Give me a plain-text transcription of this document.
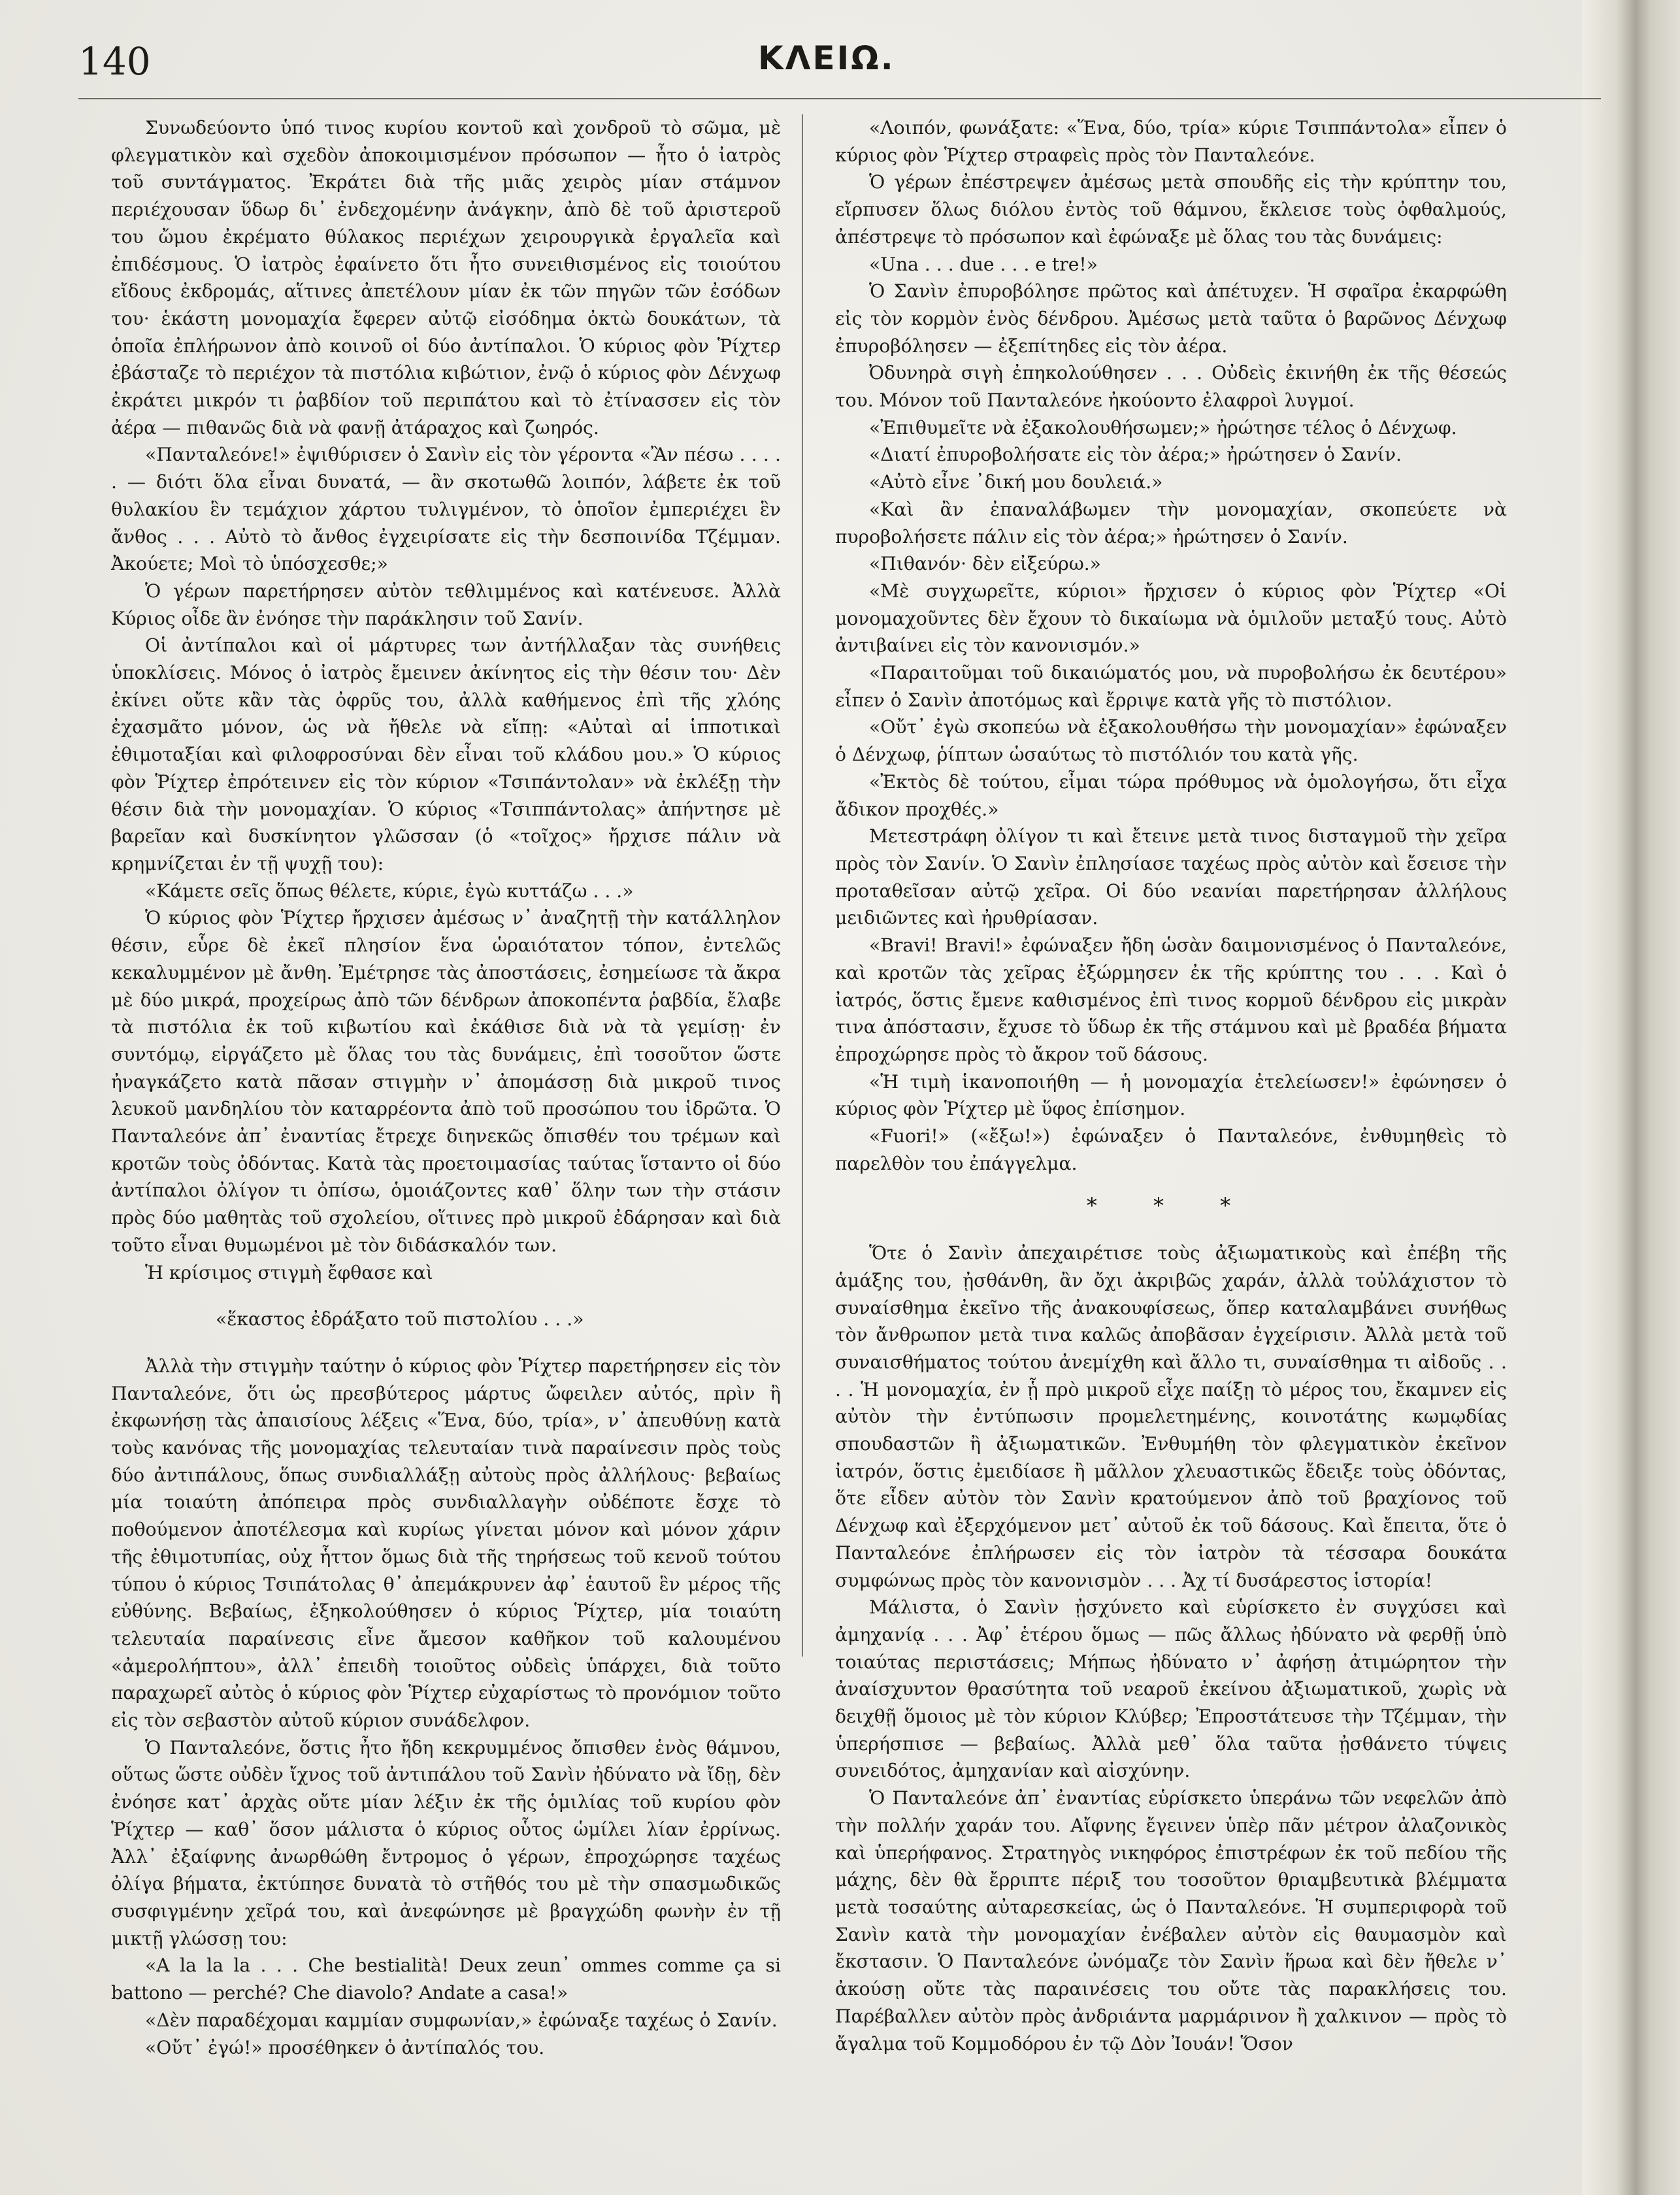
140	ΚΛΕΙΩ.

Συνωδεύοντο ὑπό τινος κυρίου κοντοῦ καὶ χονδροῦ τὸ σῶμα, μὲ φλεγματικὸν καὶ σχεδὸν ἀποκοιμισμένον πρόσωπον — ἦτο ὁ ἰατρὸς τοῦ συντάγματος. Ἐκράτει διὰ τῆς μιᾶς χειρὸς μίαν στάμνον περιέχουσαν ὕδωρ δι᾽ ἐνδεχομένην ἀνάγκην, ἀπὸ δὲ τοῦ ἀριστεροῦ του ὤμου ἐκρέματο θύλακος περιέχων χειρουργικὰ ἐργαλεῖα καὶ ἐπιδέσμους. Ὁ ἰατρὸς ἐφαίνετο ὅτι ἦτο συνειθισμένος εἰς τοιούτου εἴδους ἐκδρομάς, αἵτινες ἀπετέλουν μίαν ἐκ τῶν πηγῶν τῶν ἐσόδων του· ἑκάστη μονομαχία ἔφερεν αὐτῷ εἰσόδημα ὀκτὼ δουκάτων, τὰ ὁποῖα ἐπλήρωνον ἀπὸ κοινοῦ οἱ δύο ἀντίπαλοι. Ὁ κύριος φὸν Ῥίχτερ ἐβάσταζε τὸ περιέχον τὰ πιστόλια κιβώτιον, ἐνῷ ὁ κύριος φὸν Δένχωφ ἐκράτει μικρόν τι ῥαβδίον τοῦ περιπάτου καὶ τὸ ἐτίνασσεν εἰς τὸν ἀέρα — πιθανῶς διὰ νὰ φανῇ ἀτάραχος καὶ ζωηρός.

«Πανταλεόνε!» ἐψιθύρισεν ὁ Σανὶν εἰς τὸν γέροντα «Ἂν πέσω . . . . . — διότι ὅλα εἶναι δυνατά, — ἂν σκοτωθῶ λοιπόν, λάβετε ἐκ τοῦ θυλακίου ἓν τεμάχιον χάρτου τυλιγμένον, τὸ ὁποῖον ἐμπεριέχει ἓν ἄνθος . . . Αὐτὸ τὸ ἄνθος ἐγχειρίσατε εἰς τὴν δεσποινίδα Τζέμμαν. Ἀκούετε; Μοὶ τὸ ὑπόσχεσθε;»

Ὁ γέρων παρετήρησεν αὐτὸν τεθλιμμένος καὶ κατένευσε. Ἀλλὰ Κύριος οἶδε ἂν ἐνόησε τὴν παράκλησιν τοῦ Σανίν.

Οἱ ἀντίπαλοι καὶ οἱ μάρτυρες των ἀντήλλαξαν τὰς συνήθεις ὑποκλίσεις. Μόνος ὁ ἰατρὸς ἔμεινεν ἀκίνητος εἰς τὴν θέσιν του· Δὲν ἐκίνει οὔτε κἂν τὰς ὀφρῦς του, ἀλλὰ καθήμενος ἐπὶ τῆς χλόης ἐχασμᾶτο μόνον, ὡς νὰ ἤθελε νὰ εἴπῃ: «Αὐταὶ αἱ ἱπποτικαὶ ἐθιμοταξίαι καὶ φιλοφροσύναι δὲν εἶναι τοῦ κλάδου μου.» Ὁ κύριος φὸν Ῥίχτερ ἐπρότεινεν εἰς τὸν κύριον «Τσιπάντολαν» νὰ ἐκλέξῃ τὴν θέσιν διὰ τὴν μονομαχίαν. Ὁ κύριος «Τσιππάντολας» ἀπήντησε μὲ βαρεῖαν καὶ δυσκίνητον γλῶσσαν (ὁ «τοῖχος» ἤρχισε πάλιν νὰ κρημνίζεται ἐν τῇ ψυχῇ του):

«Κάμετε σεῖς ὅπως θέλετε, κύριε, ἐγὼ κυττάζω . . .»

Ὁ κύριος φὸν Ῥίχτερ ἤρχισεν ἀμέσως ν᾽ ἀναζητῇ τὴν κατάλληλον θέσιν, εὗρε δὲ ἐκεῖ πλησίον ἕνα ὡραιότατον τόπον, ἐντελῶς κεκαλυμμένον μὲ ἄνθη. Ἐμέτρησε τὰς ἀποστάσεις, ἐσημείωσε τὰ ἄκρα μὲ δύο μικρά, προχείρως ἀπὸ τῶν δένδρων ἀποκοπέντα ῥαβδία, ἔλαβε τὰ πιστόλια ἐκ τοῦ κιβωτίου καὶ ἐκάθισε διὰ νὰ τὰ γεμίσῃ· ἐν συντόμῳ, εἰργάζετο μὲ ὅλας του τὰς δυνάμεις, ἐπὶ τοσοῦτον ὥστε ἠναγκάζετο κατὰ πᾶσαν στιγμὴν ν᾽ ἀπομάσσῃ διὰ μικροῦ τινος λευκοῦ μανδηλίου τὸν καταρρέοντα ἀπὸ τοῦ προσώπου του ἱδρῶτα. Ὁ Πανταλεόνε ἀπ᾽ ἐναντίας ἔτρεχε διηνεκῶς ὄπισθέν του τρέμων καὶ κροτῶν τοὺς ὀδόντας. Κατὰ τὰς προετοιμασίας ταύτας ἵσταντο οἱ δύο ἀντίπαλοι ὀλίγον τι ὀπίσω, ὁμοιάζοντες καθ᾽ ὅλην των τὴν στάσιν πρὸς δύο μαθητὰς τοῦ σχολείου, οἵτινες πρὸ μικροῦ ἐδάρησαν καὶ διὰ τοῦτο εἶναι θυμωμένοι μὲ τὸν διδάσκαλόν των.

Ἡ κρίσιμος στιγμὴ ἔφθασε καὶ

«ἕκαστος ἐδράξατο τοῦ πιστολίου . . .»

Ἀλλὰ τὴν στιγμὴν ταύτην ὁ κύριος φὸν Ῥίχτερ παρετήρησεν εἰς τὸν Πανταλεόνε, ὅτι ὡς πρεσβύτερος μάρτυς ὤφειλεν αὐτός, πρὶν ἢ ἐκφωνήσῃ τὰς ἀπαισίους λέξεις «Ἕνα, δύο, τρία», ν᾽ ἀπευθύνῃ κατὰ τοὺς κανόνας τῆς μονομαχίας τελευταίαν τινὰ παραίνεσιν πρὸς τοὺς δύο ἀντιπάλους, ὅπως συνδιαλλάξῃ αὐτοὺς πρὸς ἀλλήλους· βεβαίως μία τοιαύτη ἀπόπειρα πρὸς συνδιαλλαγὴν οὐδέποτε ἔσχε τὸ ποθούμενον ἀποτέλεσμα καὶ κυρίως γίνεται μόνον καὶ μόνον χάριν τῆς ἐθιμοτυπίας, οὐχ ἧττον ὅμως διὰ τῆς τηρήσεως τοῦ κενοῦ τούτου τύπου ὁ κύριος Τσιπάτολας θ᾽ ἀπεμάκρυνεν ἀφ᾽ ἑαυτοῦ ἓν μέρος τῆς εὐθύνης. Βεβαίως, ἐξηκολούθησεν ὁ κύριος Ῥίχτερ, μία τοιαύτη τελευταία παραίνεσις εἶνε ἄμεσον καθῆκον τοῦ καλουμένου «ἀμερολήπτου», ἀλλ᾽ ἐπειδὴ τοιοῦτος οὐδεὶς ὑπάρχει, διὰ τοῦτο παραχωρεῖ αὐτὸς ὁ κύριος φὸν Ῥίχτερ εὐχαρίστως τὸ προνόμιον τοῦτο εἰς τὸν σεβαστὸν αὐτοῦ κύριον συνάδελφον.

Ὁ Πανταλεόνε, ὅστις ἦτο ἤδη κεκρυμμένος ὄπισθεν ἑνὸς θάμνου, οὕτως ὥστε οὐδὲν ἴχνος τοῦ ἀντιπάλου τοῦ Σανὶν ἠδύνατο νὰ ἴδῃ, δὲν ἐνόησε κατ᾽ ἀρχὰς οὔτε μίαν λέξιν ἐκ τῆς ὁμιλίας τοῦ κυρίου φὸν Ῥίχτερ — καθ᾽ ὅσον μάλιστα ὁ κύριος οὗτος ὡμίλει λίαν ἐρρίνως. Ἀλλ᾽ ἐξαίφνης ἀνωρθώθη ἔντρομος ὁ γέρων, ἐπροχώρησε ταχέως ὀλίγα βήματα, ἐκτύπησε δυνατὰ τὸ στῆθός του μὲ τὴν σπασμωδικῶς συσφιγμένην χεῖρά του, καὶ ἀνεφώνησε μὲ βραγχώδη φωνὴν ἐν τῇ μικτῇ γλώσσῃ του:

«A la la la . . . Che bestialità! Deux zeun᾽ ommes comme ça si battono — perché? Che diavolo? Andate a casa!»

«Δὲν παραδέχομαι καμμίαν συμφωνίαν,» ἐφώναξε ταχέως ὁ Σανίν.

«Οὔτ᾽ ἐγώ!» προσέθηκεν ὁ ἀντίπαλός του.

«Λοιπόν, φωνάξατε: «Ἕνα, δύο, τρία» κύριε Τσιππάντολα» εἶπεν ὁ κύριος φὸν Ῥίχτερ στραφεὶς πρὸς τὸν Πανταλεόνε.

Ὁ γέρων ἐπέστρεψεν ἀμέσως μετὰ σπουδῆς εἰς τὴν κρύπτην του, εἴρπυσεν ὅλως διόλου ἐντὸς τοῦ θάμνου, ἔκλεισε τοὺς ὀφθαλμούς, ἀπέστρεψε τὸ πρόσωπον καὶ ἐφώναξε μὲ ὅλας του τὰς δυνάμεις:

«Una . . . due . . . e tre!»

Ὁ Σανὶν ἐπυροβόλησε πρῶτος καὶ ἀπέτυχεν. Ἡ σφαῖρα ἐκαρφώθη εἰς τὸν κορμὸν ἑνὸς δένδρου. Ἀμέσως μετὰ ταῦτα ὁ βαρῶνος Δένχωφ ἐπυροβόλησεν — ἐξεπίτηδες εἰς τὸν ἀέρα.

Ὀδυνηρὰ σιγὴ ἐπηκολούθησεν . . . Οὐδεὶς ἐκινήθη ἐκ τῆς θέσεώς του. Μόνον τοῦ Πανταλεόνε ἠκούοντο ἐλαφροὶ λυγμοί.

«Ἐπιθυμεῖτε νὰ ἐξακολουθήσωμεν;» ἠρώτησε τέλος ὁ Δένχωφ.

«Διατί ἐπυροβολήσατε εἰς τὸν ἀέρα;» ἠρώτησεν ὁ Σανίν.

«Αὐτὸ εἶνε ᾽δική μου δουλειά.»

«Καὶ ἂν ἐπαναλάβωμεν τὴν μονομαχίαν, σκοπεύετε νὰ πυροβολήσετε πάλιν εἰς τὸν ἀέρα;» ἠρώτησεν ὁ Σανίν.

«Πιθανόν· δὲν εἰξεύρω.»

«Μὲ συγχωρεῖτε, κύριοι» ἤρχισεν ὁ κύριος φὸν Ῥίχτερ «Οἱ μονομαχοῦντες δὲν ἔχουν τὸ δικαίωμα νὰ ὁμιλοῦν μεταξύ τους. Αὐτὸ ἀντιβαίνει εἰς τὸν κανονισμόν.»

«Παραιτοῦμαι τοῦ δικαιώματός μου, νὰ πυροβολήσω ἐκ δευτέρου» εἶπεν ὁ Σανὶν ἀποτόμως καὶ ἔρριψε κατὰ γῆς τὸ πιστόλιον.

«Οὔτ᾽ ἐγὼ σκοπεύω νὰ ἐξακολουθήσω τὴν μονομαχίαν» ἐφώναξεν ὁ Δένχωφ, ῥίπτων ὡσαύτως τὸ πιστόλιόν του κατὰ γῆς.

«Ἐκτὸς δὲ τούτου, εἶμαι τώρα πρόθυμος νὰ ὁμολογήσω, ὅτι εἶχα ἄδικον προχθές.»

Μετεστράφη ὀλίγον τι καὶ ἔτεινε μετὰ τινος δισταγμοῦ τὴν χεῖρα πρὸς τὸν Σανίν. Ὁ Σανὶν ἐπλησίασε ταχέως πρὸς αὐτὸν καὶ ἔσεισε τὴν προταθεῖσαν αὐτῷ χεῖρα. Οἱ δύο νεανίαι παρετήρησαν ἀλλήλους μειδιῶντες καὶ ἠρυθρίασαν.

«Bravi! Bravi!» ἐφώναξεν ἤδη ὡσὰν δαιμονισμένος ὁ Πανταλεόνε, καὶ κροτῶν τὰς χεῖρας ἐξώρμησεν ἐκ τῆς κρύπτης του . . . Καὶ ὁ ἰατρός, ὅστις ἔμενε καθισμένος ἐπὶ τινος κορμοῦ δένδρου εἰς μικρὰν τινα ἀπόστασιν, ἔχυσε τὸ ὕδωρ ἐκ τῆς στάμνου καὶ μὲ βραδέα βήματα ἐπροχώρησε πρὸς τὸ ἄκρον τοῦ δάσους.

«Ἡ τιμὴ ἱκανοποιήθη — ἡ μονομαχία ἐτελείωσεν!» ἐφώνησεν ὁ κύριος φὸν Ῥίχτερ μὲ ὕφος ἐπίσημον.

«Fuori!» («ἔξω!») ἐφώναξεν ὁ Πανταλεόνε, ἐνθυμηθεὶς τὸ παρελθὸν του ἐπάγγελμα.

* * *

Ὅτε ὁ Σανὶν ἀπεχαιρέτισε τοὺς ἀξιωματικοὺς καὶ ἐπέβη τῆς ἁμάξης του, ᾐσθάνθη, ἂν ὄχι ἀκριβῶς χαράν, ἀλλὰ τοὐλάχιστον τὸ συναίσθημα ἐκεῖνο τῆς ἀνακουφίσεως, ὅπερ καταλαμβάνει συνήθως τὸν ἄνθρωπον μετὰ τινα καλῶς ἀποβᾶσαν ἐγχείρισιν. Ἀλλὰ μετὰ τοῦ συναισθήματος τούτου ἀνεμίχθη καὶ ἄλλο τι, συναίσθημα τι αἰδοῦς . . . . Ἡ μονομαχία, ἐν ᾗ πρὸ μικροῦ εἶχε παίξῃ τὸ μέρος του, ἔκαμνεν εἰς αὐτὸν τὴν ἐντύπωσιν προμελετημένης, κοινοτάτης κωμῳδίας σπουδαστῶν ἢ ἀξιωματικῶν. Ἐνθυμήθη τὸν φλεγματικὸν ἐκεῖνον ἰατρόν, ὅστις ἐμειδίασε ἢ μᾶλλον χλευαστικῶς ἔδειξε τοὺς ὀδόντας, ὅτε εἶδεν αὐτὸν τὸν Σανὶν κρατούμενον ἀπὸ τοῦ βραχίονος τοῦ Δένχωφ καὶ ἐξερχόμενον μετ᾽ αὐτοῦ ἐκ τοῦ δάσους. Καὶ ἔπειτα, ὅτε ὁ Πανταλεόνε ἐπλήρωσεν εἰς τὸν ἰατρὸν τὰ τέσσαρα δουκάτα συμφώνως πρὸς τὸν κανονισμὸν . . . Ἀχ τί δυσάρεστος ἱστορία!

Μάλιστα, ὁ Σανὶν ᾐσχύνετο καὶ εὑρίσκετο ἐν συγχύσει καὶ ἀμηχανίᾳ . . . Ἀφ᾽ ἑτέρου ὅμως — πῶς ἄλλως ἠδύνατο νὰ φερθῇ ὑπὸ τοιαύτας περιστάσεις; Μήπως ἠδύνατο ν᾽ ἀφήσῃ ἀτιμώρητον τὴν ἀναίσχυντον θρασύτητα τοῦ νεαροῦ ἐκείνου ἀξιωματικοῦ, χωρὶς νὰ δειχθῇ ὅμοιος μὲ τὸν κύριον Κλύβερ; Ἐπροστάτευσε τὴν Τζέμμαν, τὴν ὑπερήσπισε — βεβαίως. Ἀλλὰ μεθ᾽ ὅλα ταῦτα ᾐσθάνετο τύψεις συνειδότος, ἀμηχανίαν καὶ αἰσχύνην.

Ὁ Πανταλεόνε ἀπ᾽ ἐναντίας εὑρίσκετο ὑπεράνω τῶν νεφελῶν ἀπὸ τὴν πολλήν χαράν του. Αἴφνης ἔγεινεν ὑπὲρ πᾶν μέτρον ἀλαζονικὸς καὶ ὑπερήφανος. Στρατηγὸς νικηφόρος ἐπιστρέφων ἐκ τοῦ πεδίου τῆς μάχης, δὲν θὰ ἔρριπτε πέριξ του τοσοῦτον θριαμβευτικὰ βλέμματα μετὰ τοσαύτης αὐταρεσκείας, ὡς ὁ Πανταλεόνε. Ἡ συμπεριφορὰ τοῦ Σανὶν κατὰ τὴν μονομαχίαν ἐνέβαλεν αὐτὸν εἰς θαυμασμὸν καὶ ἔκστασιν. Ὁ Πανταλεόνε ὠνόμαζε τὸν Σανὶν ἥρωα καὶ δὲν ἤθελε ν᾽ ἀκούσῃ οὔτε τὰς παραινέσεις του οὔτε τὰς παρακλήσεις του. Παρέβαλλεν αὐτὸν πρὸς ἀνδριάντα μαρμάρινον ἢ χαλκινον — πρὸς τὸ ἄγαλμα τοῦ Κομμοδόρου ἐν τῷ Δὸν Ἰουάν! Ὅσον
